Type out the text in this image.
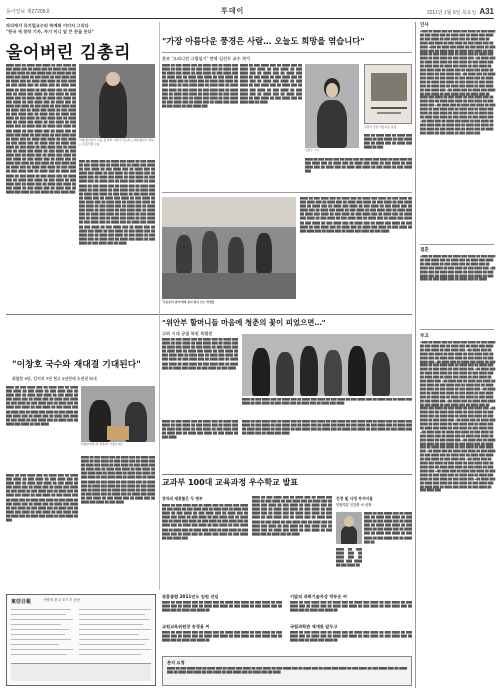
동아일보 제27205호	투데이	2011년 1월 6일 목요일 A31
파리에서 뮤지컬교수의 학예회 이미지 그리다
"한국 세 창작 기자, 자기 미니 앞 큰 잔을 둔다"
울어버린 김총리
이제 청년들이 나를 볼 만한 사람이 되도록 노력하겠다고 말하는 김총리의 모습
████ ███ ██ ████ ███ ████ ██ ███ ████ ██ ███ ████ ███ ██ ████ ███ ██ ████ ███ ████ ██ ███ ████ ██ ███ ████ ███ ██ ████ ███ ██ ████ ███ ████ ██ ███ ████ ██ ███ ████ ███ ██ ████ ███ ██ ████ ███ ████ ██ ███ ████ ██ ███ ████ ███ ██ ████ ███ ██ ████ ███ ████ ██ ███ ████ ██ ███ ████ ███ ██ ████ ███ ██ ████ ███ ████ ██ ███ ████ ██ ███ ████ ███ ██ ████ ███ ██ ████ ███ ████ ██ ███ ████ ██ ███ ████ ███ ██ ████ ███ ██ ████ ███ ████ ██ ███ ████ ██ ███ ████ ███ ██ ████ ███ ██ ████ ███ ████ ██ ███ ████ ██ ███ ████ ███ ██ ████ ███ ██ ████ ███ ████ ██ ███ ████ ██ ███ ████ ███ ██ ████ ███ ██ ████ ███ ████ ██ ███ ████ ██ ███ ████ ███ ██ ████ ███ ██ ████ ███ ████ ██ ███ ████ ██ ███ ████ ███ ██ ████ ███ ██ ████ ███ ████ ██ ███ ████ ██ ███ ████ ███ ██ ████ ███ ██ ████ ███ ████ ██ ███ ████ ██ ███ ████ ███ ██ ████ ███ ██ ████ ███ ████ ██ ███ ████ ██ ███ ████ ███ ██ ████ ███ ██ ████ ███ ████ ██ ███ ████ ██ ███ ████ ███ ██ ████ ███ ██ ████ ███ ████ ██ ███ ████ ██ ███ ████ ███ ██ ████ ███ ██ ████ ███ ████ ██ ███ ████ ██ ███ ████ ███ ██ ████ ███ ██ ████ ███ ████ ██ ███ ████ ██ ███ ████ ███ ██ ████ ███ ██ ████ ███ ████ ██ ███ ████ ██ ███ ████ ███ ██ ████ ███ ██ ████ ███ ████ ██ ███ ████ ██ ███ ████ ███ ██ ████ ███ ██ ████ ███ ████ ██ ███ ████ ██ ███ ████ ███ ██ ████ ███ ██ ████ ███ ████ ██ ███ ████ ██ ███ ████ ███
███ ██ ████ ███ ██ ████ ███ ████ ██ ███ ████ ██ ███ ████ ███ ██ ████ ███ ██ ████ ███ ████ ██ ███ ████ ██ ███ ████ ███ ██ ████ ███ ██ ████ ███ ████ ██ ███ ████ ██ ███ ████ ███ ██ ████ ███ ██ ████ ███ ████ ██ ███ ████ ██ ███ ████ ███ ██ ████ ███ ██ ████ ███ ████ ██ ███ ████ ██ ███ ████ ███ ██ ████ ███ ██ ████ ███ ████ ██ ███ ████ ██ ███ ████ ███ ██ ████ ███ ██ ████ ███ ████ ██ ███ ████ ██ ███ ████ ███ ██ ████ ███ ██ ████ ███ ████ ██ ███ ████ ██ ███ ████ ███ ██ ████ ███ ██ ████ ███ ████ ██ ███ ████ ██ ███ ████ ███ ██ ████ ███ ██ ████ ███ ████ ██ ███ ████ ██ ███ ████ ███ ██ ████ ███ ██ ████ ███ ████ ██ ███ ████ ██ ███ ████ ███ ██ ████ ███ ██ ████ ███ ████ ██ ███ ████ ██ ███ ████ ███ ██ ████ ███ ██ ████ ███ ████ ██ ███ ████ ██ ███ ████ ███ ██ ████ ███ ██ ████ ███ ████ ██ ███ ████ ██ ███ ████ ███ ██ ████ ███ ██ ████ ███ ████ ██ ███ ████ ██ ███ ████ ███ ██ ████ ███ ██ ████ ███ ████ ██ ███ ████ ██ ███ ████ ███ ██ ████
"가장 아름다운 풍경은 사람… 오늘도 희망을 엮습니다"
본보 '오피니언 그림일기' 연재 김선두 교수 작가
████ ██ ███ ████ ███ ██ ████ ███ ██ ████ ███ ████ ██ ███ ████ ██ ███ ████ ███ ██ ████ ███ ██ ████ ███ ████ ██ ███ ████ ██ ███ ████ ███ ██ ████ ███ ██ ████ ███ ████ ██ ███ ████ ██ ███ ████ ███ ██ ████ ███ ██ ████ ███ ████ ██ ███ ████ ██ ███ ████ ███ ██ ████ ███ ██ ████ ███ ████ ██ ███ ████ ██ ███ ████ ███ ██ ████ ███ ██ ████ ███ ████ ██ ███ ████ ██ ███ ████ ███ ██ ████ ███ ██ ████ ███ ████ ██ ███ ████ ██ ███ ████ ███ ██ ████ ███ ██ ████ ███ ████ ██ ███ ████ ██ ███ ████ ███
████ ██ ███ ████ ███ ██ ████ ███ ██ ████ ███ ████ ██ ███ ████ ██ ███ ████ ███ ██ ████ ███ ██ ████ ███ ████ ██ ███ ████ ██ ███ ████ ███ ██ ████ ███ ██ ████ ███ ████ ██ ███ ████ ██ ███ ████ ███ ██ ████ ███ ██ ████ ███ ████ ██ ███ ████ ██ ███ ████ ███ ██ ████ ███ ██ ████ ███ ████ ██ ███ ████ ██ ███ ████ ███ ██ ████ ███ ██ ████
김선두 교수
사람이 가장 아름다운 풍경
███ ██ ████ ███ ██ ████ ███ ████ ██ ███ ████ ██ ███ ████ ███ ██ ████ ███ ██ ████ ███ ████ ██ ███
████ ██ ███ ████ ███ ██ ████ ███ ██ ████ ███ ████ ██ ███ ████ ██ ███ ████ ███ ██ ████ ███ ██ ████ ███ ████ ██ ███ ████ ██ ███ ████ ███ ██ ████ ███ ██ ████ ███ ████ ██ ███ ████ ██ ███ ████ ███
████ ██ ███ ████ ███ ██ ████ ███ ██ ████ ███ ████ ██ ███ ████ ██ ███ ████ ███ ██ ████ ███ ██ ████ ███ ████ ██ ███ ████ ██ ███ ████ ███ ██ ████ ███ ██ ████ ███ ████ ██ ███ ████ ██ ███ ████ ███ ██ ████ ███ ██ ████ ███ ████ ██ ███ ████ ██ ███ ████ ███ ██ ████ ███ ██ ████ ███ ████ ██ ███ ████ ██ ███ ████ ███ ██ ████ ███ ██ ████ ███ ████ ██ ███ ████ ██ ███ ████ ███ ██ ████ ███ ██ ████ ███ ████ ██ ███ ████ ██ ███ ████ ███ ██ ████ ███ ██ ████ ███ ████ ██ ███ ████ ██ ███ ████ ███ ██ ████ ███ ██ ████ ███ ████ ██ ███ ████ ██ ███ ████ ███ ██ ████ ███ ██ ████ ███ ████ ██ ███ ████
'무용증의 엄마'에게 감사 편지 쓰는 학생들
"위안부 할머니들 마음에 청춘의 꽃이 피었으면…"
고려 시대 궁궐 복원 특별전
████ ██ ███ ████ ███ ██ ████ ███ ██ ████ ███ ████ ██ ███ ████ ██ ███ ████ ███ ██ ████ ███ ██ ████ ███ ████ ██ ███ ████ ██ ███ ████ ███ ██ ████ ███ ██ ████ ███ ████ ██ ███ ████ ██ ███ ████ ███ ██ ████ ███ ██ ████ ███ ████ ██ ███ ████ ██ ███ ████ ███ ██ ████ ███ ██ ████ ███ ████ ██ ███ ████ ██ ███ ████ ███ ██ ████ ███ ██ ████ ███ ████ ██ ███ ████ ██ ███ ████
████ ██ ███ ████ ███ ██ ████ ███ ██ ████ ███ ████ ██ ███ ████ ██ ███ ████ ███ ██ ████ ███ ██ ████ ███ ████ ██ ███ ████ ██ ███ ████ ███ ██ ████ ███ ██ ████ ███ ████
████ ██ ███ ████ ███ ██ ████ ███ ██ ████ ███ ████ ██ ███ ████ ██ ███ ████ ███ ██ ████ ███ ██ ████ ███ ████ ██ ███ ████ ██ ███ ████ ███ ██ ████ ███ ██ ████ ███ ████ ██ ███ ████ ██ ███ ████ ███ ██ ████ ███ ██ ████ ███ ████ ██ ███ ████ ██ ███ ████ ███ ██ ████ ███ ██ ████ ███ ████ ██ ███ ████ ██ ███ ████ ███ ██ ████ ███ ██ ████ ███ ████
████ ██ ███ ████ ███ ██ ████ ███ ██ ████ ███ ████ ██ ███ ████ ██ ███ ████ ███ ██ ████ ███ ██ ████ ███ ████ ██ ███ ████ ██ ███ ████ ███ ██ ████ ███ ██ ████ ███ ████ ██ ███ ████ ██ ███ ████
"이창호 국수와 재대결 기대된다"
최철한 9단, 김지석 7단 현고 5년만에 도전권 따내
████ ██ ███ ████ ███ ██ ████ ███ ██ ████ ███ ████ ██ ███ ████ ██ ███ ████ ███ ██ ████ ███ ██ ████ ███ ████ ██ ███ ████ ██ ███ ████ ███ ██ ████ ███ ██ ████ ███ ████ ██ ███ ████ ██ ███ ████ ███ ██ ████ ███ ██ ████ ███ ████ ██ ███ ████ ██ ███ ████ ███ ██ ████ ███ ██ ████ ███ ████ ██ ███ ████ ██ ███ ████ ███ ██ ████ ███ ██ ████ ███ ████ ██ ███ ████ ██ ███ ████ ███ ██ ████ ███ ██ ████ ███ ████ ██ ███ ████
최철한 9단(위 왼쪽)과 이창호 9단
████ ██ ███ ████ ███ ██ ████ ███ ██ ████ ███ ████ ██ ███ ████ ██ ███ ████ ███ ██ ████ ███ ██ ████ ███ ████ ██ ███ ████ ██ ███ ████ ███ ██ ████ ███ ██ ████ ███ ████ ██ ███ ████ ██ ███ ████ ███ ██ ████ ███ ██ ████ ███ ████ ██ ███ ████ ██ ███ ████ ███ ██ ████ ███ ██ ████ ███ ████ ██ ███ ████ ██ ███ ████ ███ ██ ████ ███ ██ ████ ███ ████ ██ ███ ████ ██ ███ ████ ███ ██ ████ ███ ██ ████ ███ ████ ██ ███ ████ ██ ███ ████ ███ ██ ████ ███ ██ ████ ███ ████ ██ ███ ████ ██ ███
████ ██ ███ ████ ███ ██ ████ ███ ██ ████ ███ ████ ██ ███ ████ ██ ███ ████ ███ ██ ████ ███ ██ ████ ███ ████ ██ ███ ████ ██ ███ ████ ███ ██ ████ ███ ██ ████ ███ ████ ██ ███ ████ ██ ███ ████ ███ ██ ████ ███ ██ ████ ███ ████ ██ ███ ████ ██ ███ ████ ███ ██ ████ ███ ██ ████ ███ ████ ██ ███ ████ ██ ███ ████ ███ ██ ████ ███ ██ ████ ███ ████ ██ ███ ████ ██ ███ ████ ███ ██ ████ ███ ██ ████ ███ ████ ██ ███ ████ ██ ███ ████ ███ ██ ████ ███ ██ ████ ███ ████ ██ ███ ████ ██ ███ ████ ███ ██ ████ ███ ██ ████ ███ ████ ██ ███ ████
교과부 100대 교육과정 우수학교 발표
장차의 재봉틀은 두 명부
████ ██ ███ ████ ███ ██ ████ ███ ██ ████ ███ ████ ██ ███ ████ ██ ███ ████ ███ ██ ████ ███ ██ ████ ███ ████ ██ ███ ████ ██ ███ ████ ███ ██ ████ ███ ██ ████ ███ ████ ██ ███ ████ ██ ███ ████ ███ ██ ████ ███ ██ ████ ███ ████ ██ ███ ████ ██ ███ ████ ███ ██ ████ ███ ██ ████ ███ ████ ██ ███ ████ ██ ███ ████ ███ ██ ████ ███ ██ ████ ███ ████ ██ ███ ████ ██ ███ ████ ███ ██ ████ ███ ██ ████ ███ ████ ██ ███ ████ ██ ███ ████ ███
████ ██ ███ ████ ███ ██ ████ ███ ██ ████ ███ ████ ██ ███ ████ ██ ███ ████ ███ ██ ████ ███ ██ ████ ███ ████ ██ ███ ████ ██ ███ ████ ███ ██ ████ ███ ██ ████ ███ ████ ██ ███ ████ ██ ███ ████ ███ ██ ████ ███ ██ ████ ███ ████ ██ ███ ████ ██ ███ ████ ███ ██ ████ ███ ██ ████ ███ ████ ██ ███ ████ ██ ███ ████ ███ ██ ████ ███ ██ ████ ███ ████ ██ ███ ████ ██ ███ ████ ███ ██ ████ ███ ██ ████ ███ ████ ██ ███ ████ ██ ███ ████ ███ ██ ████ ███ ██ ████
진정 및 사정 부서이용
인권지킴 인건목 씨 선정
████ ██ ███ ████ ███ ██ ████ ███ ██ ████ ███ ████ ██ ███ ████ ██ ███ ████ ███ ██ ████ ███ ██ ████ ███ ████ ██ ███ ████ ██ ███ ████ ███ ██ ████ ███ ██ ████ ███ ████ ██ ███ ████ ██ ███ ████ ███ ██ ████ ███ ██
████ ██ ███ ████ ███ ██ ████ ███ ██ ████ ███ ████ ██ ███ ████ ██
東亞日報	사랑의 문고 모으기 운동
인사
◆███ ██ ████ ███ ██ ████ ███ ████ ██ ███ ████ ██ ███ ████ ███ ██ ████ ███ ██ ████ ███ ████ ██ ███ ████ ██ ███ ████ ███ ██ ████ ███ ██ ████ ███ ████ ██ ███ ████ ██ ███ ████ ███ ██ ████ ◆███ ██ ████ ███ ████ ██ ███ ████ ██ ███ ████ ███ ██ ████ ███ ██ ████ ███ ████ ██ ███ ████ ██ ███ ████ ███ ██ ████ ███ ██ ████ ███ ████ ██ ███ ████ ██ ███ ████ ███ ◆██ ████ ███ ██ ████ ███ ████ ██ ███ ████ ██ ███ ████ ███ ██ ████ ███ ██ ████ ███ ████ ██ ███ ████ ██ ███ ████ ███ ██ ████ ███ ██ ████ ███ ████ ██ ███ ████ ██ ███ ████ ███ ◆██ ████ ███ ██ ████ ███ ████ ██ ███ ████ ██ ███ ████ ███ ██ ████ ███ ██ ████ ███ ████ ██ ███ ████ ██ ███ ████ ███ ██ ████ ███ ██ ████ ███ ████ ██ ███ ████ ██ ███ ████ ███ ◆██ ████ ███ ██ ████ ███ ████ ██ ███ ████ ██ ███ ████ ███ ██ ████ ███ ██ ████ ███ ████ ██ ███ ████ ██ ███ ████ ███ ██ ████ ███ ██ ████ ███ ████ ██ ███ ████ ██ ███ ████ ███ ◆██ ████ ███ ██ ████ ███ ████ ██ ███ ████ ██ ███ ████ ███ ██ ████ ███ ██ ████ ███ ████ ██ ███ ████ ██ ███ ████ ███ ██ ████ ███ ██ ████ ███ ████ ██ ███ ████ ██ ███ ████ ███ ◆██ ████ ███ ██ ████ ███ ████ ██ ███ ████ ██ ███ ████ ███ ██ ████ ███ ██ ████ ███ ████ ██ ███ ████ ██ ███ ████ ███ ██ ████ ███ ██ ████ ███ ████ ██ ███ ████ ██ ███ ████ ███
결혼
◆███ ██ ████ ███ ██ ████ ███ ████ ██ ███ ████ ██ ███ ████ ███ ██ ████ ███ ██ ████ ███ ████ ██ ███ ████ ██ ███ ████ ███ ██ ████ ███ ██ ████ ███ ████ ██ ███ ████ ██ ███ ████ ███ ◆██ ████ ███ ██ ████ ███ ████ ██ ███ ████ ██ ███ ████ ███ ██ ████ ███ ██ ████ ███ ████ ██ ███ ████ ██ ███ ████ ███ ██ ████ ███ ██ ████
부고
◆███ ██ ████ ███ ██ ████ ███ ████ ██ ███ ████ ██ ███ ████ ███ ██ ████ ███ ██ ████ ███ ████ ██ ███ ████ ██ ███ ████ ███ ◆██ ████ ███ ██ ████ ███ ████ ██ ███ ████ ██ ███ ████ ███ ██ ████ ███ ██ ████ ███ ████ ██ ███ ████ ██ ███ ████ ███ ◆██ ████ ███ ██ ████ ███ ████ ██ ███ ████ ██ ███ ████ ███ ██ ████ ███ ██ ████ ███ ████ ██ ███ ████ ██ ███ ████ ███ ◆██ ████ ███ ██ ████ ███ ████ ██ ███ ████ ██ ███ ████ ███ ██ ████ ███ ██ ████ ███ ████ ██ ███ ████ ██ ███ ████ ███ ◆██ ████ ███ ██ ████ ███ ████ ██ ███ ████ ██ ███ ████ ███ ██ ████ ███ ██ ████ ███ ████ ██ ███ ████ ██ ███ ████ ███ ◆██ ████ ███ ██ ████ ███ ████ ██ ███ ████ ██ ███ ████ ███ ██ ████ ███ ██ ████ ███ ████ ██ ███ ████ ██ ███ ████ ███ ◆██ ████ ███ ██ ████ ███ ████ ██ ███ ████ ██ ███ ████ ███ ██ ████ ███ ██ ████ ███ ████ ██ ███ ████ ██ ███ ████ ███ ◆██ ████ ███ ██ ████ ███ ████ ██ ███ ████ ██ ███ ████ ███ ██ ████ ███ ██ ████ ███ ████ ██ ███ ████ ██ ███ ████ ███ ◆██ ████ ███ ██ ████ ███ ████ ██ ███ ████ ██ ███ ████ ███ ██ ████ ███ ██ ████ ███ ████ ██ ███ ████ ██ ███ ████ ███ ◆██ ████ ███ ██ ████ ███ ████ ██ ███ ████ ██ ███ ████ ███ ██ ████ ███ ██ ████ ███ ████ ██ ███ ████ ██ ███ ████ ███ ◆██ ████ ███ ██ ████ ███ ████ ██ ███ ████ ██ ███ ████ ███ ██ ████ ███ ██ ████ ███ ████ ██ ███ ████ ██ ███ ████ ███ ◆██ ████ ███ ██ ████ ███ ████ ██ ███ ████ ██ ███ ████ ███ ██ ████ ███ ██ ████ ███ ████ ██ ███ ████ ██ ███ ████ ███ ◆██ ████ ███ ██ ████ ███ ████ ██ ███ ████ ██ ███ ████ ███ ██ ████ ███ ██ ████ ███ ████ ██ ███ ████ ██ ███ ████ ███ ◆██ ████ ███ ██ ████ ███ ████ ██ ███ ████ ██ ███ ████ ███ ██ ████ ███ ██ ████ ███ ████ ██ ███ ████ ██ ███ ████ ███ ◆██ ████ ███ ██ ████ ███ ████ ██ ███ ████ ██ ███ ████ ███ ██ ████ ███ ██ ████ ███ ████ ██ ███ ████ ██ ███ ████ ███
관훈클럽 2011년도 임원 선임
████ ██ ███ ████ ███ ██ ████ ███ ██ ████ ███ ████ ██ ███ ████ ██ ███ ████ ███ ██ ████ ███ ██ ████ ███ ████ ██ ███ ████ ██ ███ ████ ███ ██ ████ ███ ██ ████ ███ ████ ██
교원교육위원장 송경용 씨
████ ██ ███ ████ ███ ██ ████ ███ ██ ████ ███ ████ ██ ███ ████ ██ ███ ████ ███ ██ ████ ███ ██ ████ ███ ████ ██ ███ ████ ██ ███ ████ ███ ██ ████ ███ ██ ████ ███ ████ ██
이달의 과학기술자상 박동순 씨
████ ██ ███ ████ ███ ██ ████ ███ ██ ████ ███ ████ ██ ███ ████ ██ ███ ████ ███ ██ ████ ███ ██ ████ ███ ████ ██ ███ ████ ██ ███ ████ ███ ██ ████ ███ ██ ████ ███ ████ ██
국립과학관 재개관 앞두고
████ ██ ███ ████ ███ ██ ████ ███ ██ ████ ███ ████ ██ ███ ████ ██ ███ ████ ███ ██ ████ ███ ██ ████ ███ ████ ██ ███ ████ ██ ███ ████ ███ ██ ████ ███ ██ ████ ███ ████ ██
본지 요청
████ ██ ███ ████ ███ ██ ████ ███ ██ ████ ███ ████ ██ ███ ████ ██ ███ ████ ███ ██ ████ ███ ██ ████ ███ ████ ██ ███ ████ ██ ███ ████ ███ ██ ████ ███ ██ ████ ███ ████ ██ ███ ████ ██ ███ ████ ███ ██ ████ ███ ██ ████
